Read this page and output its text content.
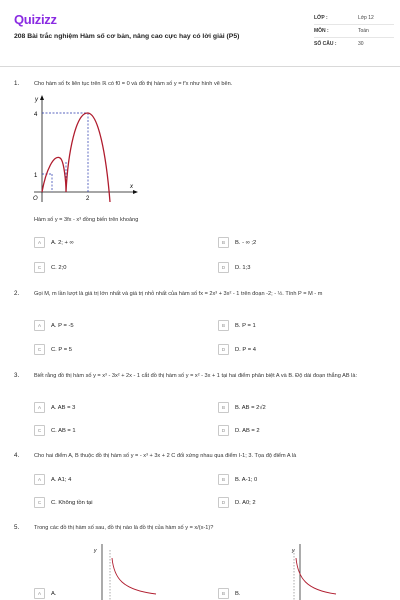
Quizizz
208 Bài trắc nghiệm Hàm số cơ bản, nâng cao cực hay có lời giải (P5)
LỚP :	Lớp 12
MÔN :	Toán
SỐ CÂU :	30
1.	Cho hàm số fx liên tục trên ℝ có f0 = 0 và đồ thị hàm số y = f'x như hình vẽ bên.
y
x
4
1
O	2
Hàm số y = 3fx - x³ đồng biến trên khoảng
A	A. 2; + ∞	B	B. - ∞ ;2
C	C. 2;0	D	D. 1;3
2.	Gọi M, m lần lượt là giá trị lớn nhất và giá trị nhỏ nhất của hàm số fx = 2x³ + 3x² - 1 trên đoạn -2; - ½. Tính P = M - m
A	A. P = -5	B	B. P = 1
C	C. P = 5	D	D. P = 4
3.	Biết rằng đồ thị hàm số y = x³ - 3x² + 2x - 1 cắt đồ thị hàm số y = x² - 3x + 1 tại hai điểm phân biệt A và B. Độ dài đoạn thẳng AB là:
A	A. AB = 3	B	B. AB = 2√2
C	C. AB = 1	D	D. AB = 2
4.	Cho hai điểm A, B thuộc đồ thị hàm số y = - x³ + 3x + 2 C đối xứng nhau qua điểm I-1; 3. Tọa độ điểm A là
A	A. A1; 4	B	B. A-1; 0
C	C. Không tồn tại	D	D. A0; 2
5.	Trong các đồ thị hàm số sau, đồ thị nào là đồ thị của hàm số y = x/(x-1)?
y	y
A	A.	B	B.
